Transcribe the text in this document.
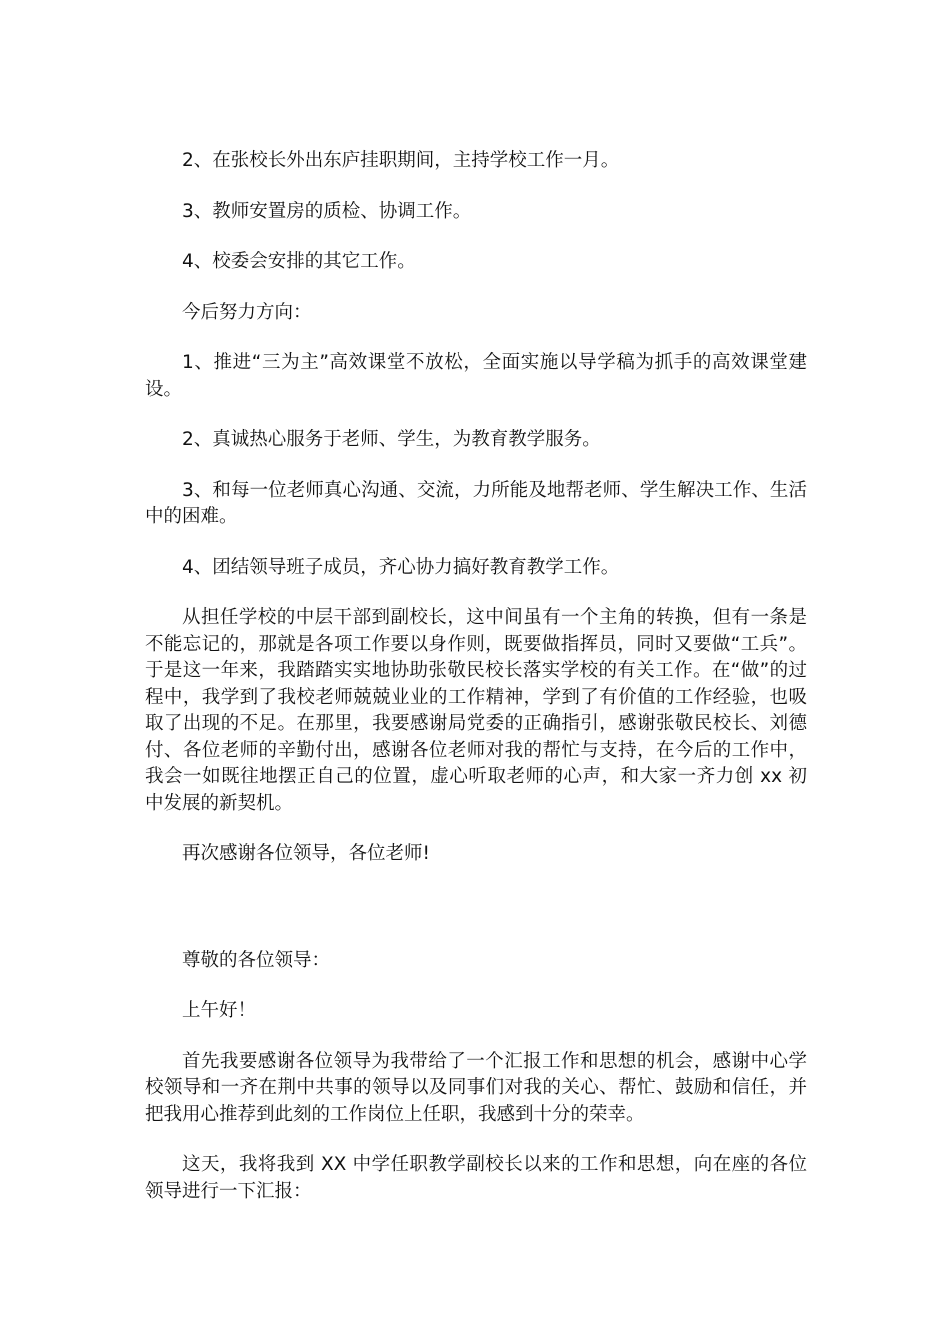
2、在张校长外出东庐挂职期间，主持学校工作一月。

3、教师安置房的质检、协调工作。

4、校委会安排的其它工作。

今后努力方向：

1、推进“三为主”高效课堂不放松，全面实施以导学稿为抓手的高效课堂建设。

2、真诚热心服务于老师、学生，为教育教学服务。

3、和每一位老师真心沟通、交流，力所能及地帮老师、学生解决工作、生活中的困难。

4、团结领导班子成员，齐心协力搞好教育教学工作。

从担任学校的中层干部到副校长，这中间虽有一个主角的转换，但有一条是不能忘记的，那就是各项工作要以身作则，既要做指挥员，同时又要做“工兵”。于是这一年来，我踏踏实实地协助张敬民校长落实学校的有关工作。在“做”的过程中，我学到了我校老师兢兢业业的工作精神，学到了有价值的工作经验，也吸取了出现的不足。在那里，我要感谢局党委的正确指引，感谢张敬民校长、刘德付、各位老师的辛勤付出，感谢各位老师对我的帮忙与支持，在今后的工作中，我会一如既往地摆正自己的位置，虚心听取老师的心声，和大家一齐力创 xx 初中发展的新契机。

再次感谢各位领导，各位老师!

尊敬的各位领导：

上午好！

首先我要感谢各位领导为我带给了一个汇报工作和思想的机会，感谢中心学校领导和一齐在荆中共事的领导以及同事们对我的关心、帮忙、鼓励和信任，并把我用心推荐到此刻的工作岗位上任职，我感到十分的荣幸。

这天，我将我到 XX 中学任职教学副校长以来的工作和思想，向在座的各位领导进行一下汇报：
